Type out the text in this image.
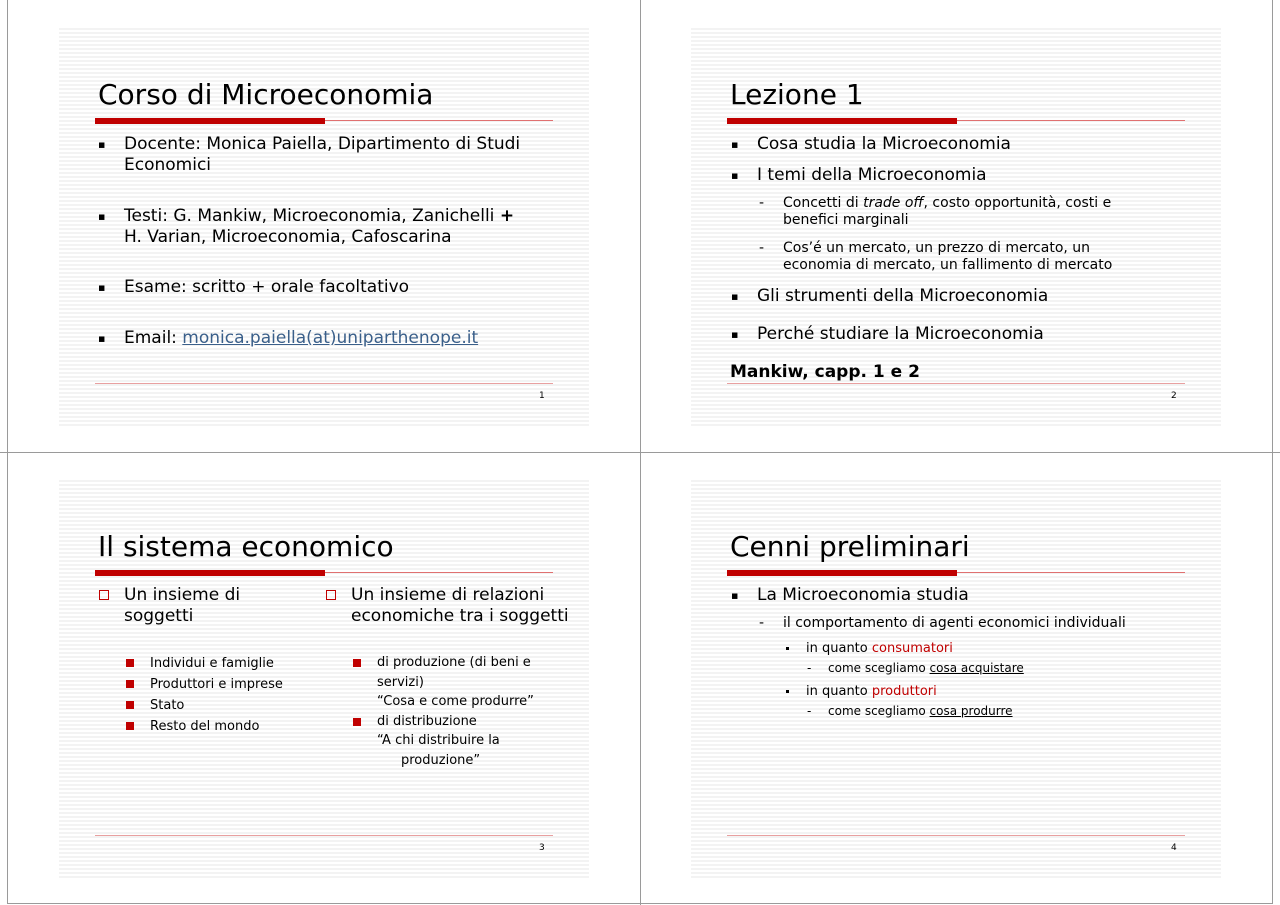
Corso di Microeconomia
▪ Docente: Monica Paiella, Dipartimento di Studi
Economici
▪ Testi: G. Mankiw, Microeconomia, Zanichelli +
H. Varian, Microeconomia, Cafoscarina
▪ Esame: scritto + orale facoltativo
▪ Email: monica.paiella(at)uniparthenope.it
1
Lezione 1
▪ Cosa studia la Microeconomia
▪ I temi della Microeconomia
- Concetti di trade off, costo opportunità, costi e
benefici marginali
- Cos’é un mercato, un prezzo di mercato, un
economia di mercato, un fallimento di mercato
▪ Gli strumenti della Microeconomia
▪ Perché studiare la Microeconomia
Mankiw, capp. 1 e 2
2
Il sistema economico
Un insieme di
soggetti
Individui e famiglie
Produttori e imprese
Stato
Resto del mondo
Un insieme di relazioni
economiche tra i soggetti
di produzione (di beni e
servizi)
“Cosa e come produrre”
di distribuzione
“A chi distribuire la
produzione”
3
Cenni preliminari
▪ La Microeconomia studia
- il comportamento di agenti economici individuali
in quanto consumatori
- come scegliamo cosa acquistare
in quanto produttori
- come scegliamo cosa produrre
4
